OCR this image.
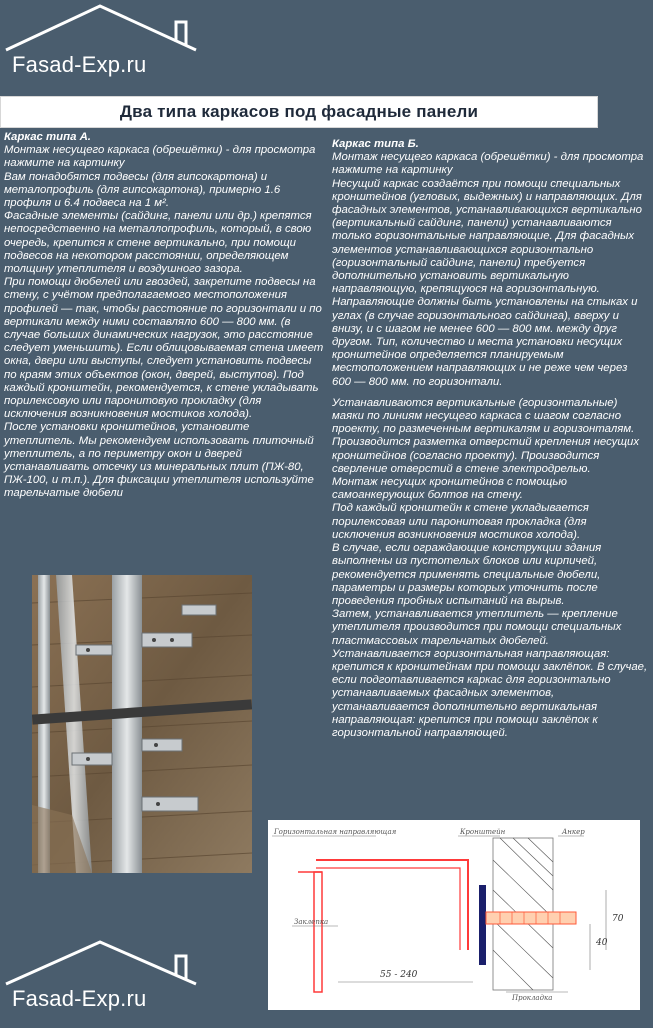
Fasad-Exp.ru
Два типа каркасов под фасадные панели

Каркас типа А.

Монтаж несущего каркаса (обрешётки) - для просмотра нажмите на картинку

Вам понадобятся подвесы (для гипсокартона) и металопрофиль (для гипсокартона), примерно 1.6 профиля и 6.4 подвеса на 1 м².

Фасадные элементы (сайдинг, панели или др.) крепятся непосредственно на металлопрофиль, который, в свою очередь, крепится к стене вертикально, при помощи подвесов на некотором расстоянии, определяющем толщину утеплителя и воздушного зазора.

При помощи дюбелей или гвоздей, закрепите подвесы на стену, с учётом предполагаемого местоположения профилей — так, чтобы расстояние по горизонтали и по вертикали между ними составляло 600 — 800 мм. (в случае больших динамических нагрузок, это расстояние следует уменьшить). Если облицовываемая стена имеет окна, двери или выступы, следует установить подвесы по краям этих объектов (окон, дверей, выступов). Под каждый кронштейн, рекомендуется, к стене укладывать порилексовую или паронитовую прокладку (для исключения возникновения мостиков холода).

После установки кронштейнов, установите утеплитель. Мы рекомендуем использовать плиточный утеплитель, а по периметру окон и дверей устанавливать отсечку из минеральных плит (ПЖ-80, ПЖ-100, и т.п.). Для фиксации утеплителя используйте тарельчатые дюбели

Каркас типа Б.

Монтаж несущего каркаса (обрешётки) - для просмотра нажмите на картинку

Несущий каркас создаётся при помощи специальных кронштейнов (угловых, выдежных) и направляющих. Для фасадных элементов, устанавливающихся вертикально (вертикальный сайдинг, панели) устанавливаются только горизонтальные направляющие. Для фасадных элементов устанавливающихся горизонтально (горизонтальный сайдинг, панели) требуется дополнительно установить вертикальную направляющую, крепящуюся на горизонтальную. Направляющие должны быть установлены на стыках и углах (в случае горизонтального сайдинга), вверху и внизу, и с шагом не менее 600 — 800 мм. между друг другом. Тип, количество и места установки несущих кронштейнов определяется планируемым местоположением направляющих и не реже чем через 600 — 800 мм. по горизонтали.

Устанавливаются вертикальные (горизонтальные) маяки по линиям несущего каркаса с шагом согласно проекту, по размеченным вертикалям и горизонталям. Производится разметка отверстий крепления несущих кронштейнов (согласно проекту). Производится сверление отверстий в стене электродрелью.

Монтаж несущих кронштейнов с помощью самоанкерующих болтов на стену.

Под каждый кронштейн к стене укладывается порилексовая или паронитовая прокладка (для исключения возникновения мостиков холода).

В случае, если ограждающие конструкции здания выполнены из пустотелых блоков или кирпичей, рекомендуется применять специальные дюбели, параметры и размеры которых уточнить после проведения пробных испытаний на вырыв.

Затем, устанавливается утеплитель — крепление утеплителя производится при помощи специальных пластмассовых тарельчатых дюбелей.

Устанавливается горизонтальная направляющая: крепится к кронштейнам при помощи заклёпок. В случае, если подготавливается каркас для горизонтально устанавливаемых фасадных элементов, устанавливается дополнительно вертикальная направляющая: крепится при помощи заклёпок к горизонтальной направляющей.

Горизонтальная направляющая	Кронштейн	Анкер
Заклепка
Прокладка
55 - 240
70
40
Fasad-Exp.ru
